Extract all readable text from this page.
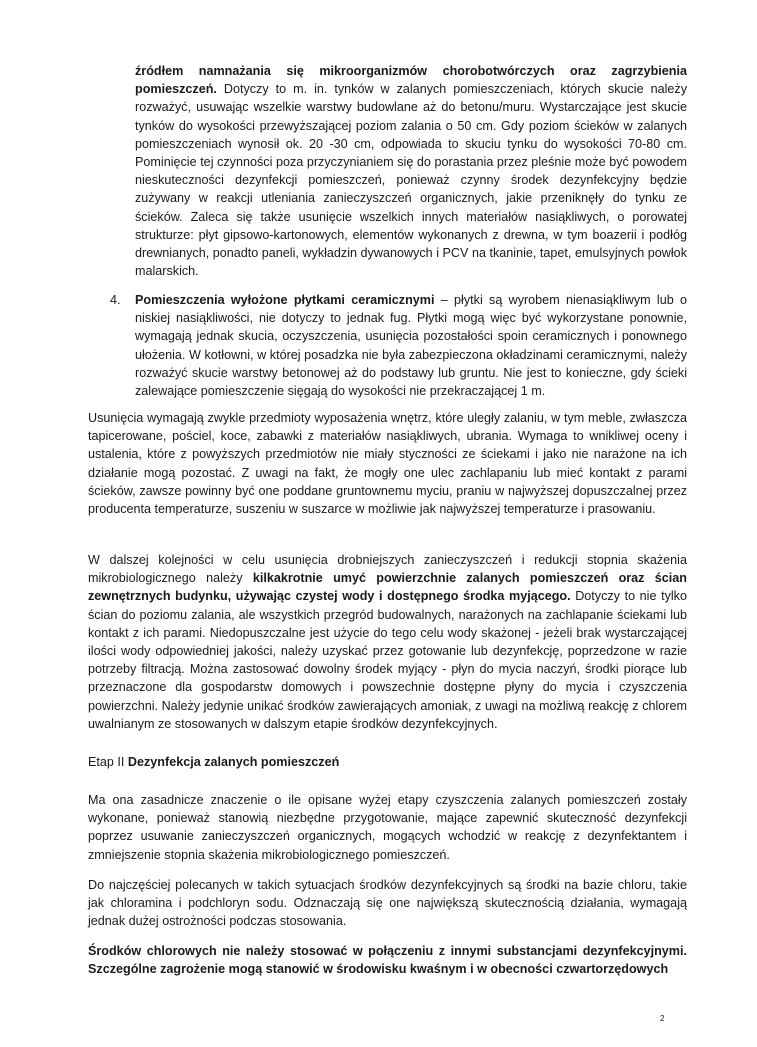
źródłem namnażania się mikroorganizmów chorobotwórczych oraz zagrzybienia pomieszczeń. Dotyczy to m. in. tynków w zalanych pomieszczeniach, których skucie należy rozważyć, usuwając wszelkie warstwy budowlane aż do betonu/muru. Wystarczające jest skucie tynków do wysokości przewyższającej poziom zalania o 50 cm. Gdy poziom ścieków w zalanych pomieszczeniach wynosił ok. 20 -30 cm, odpowiada to skuciu tynku do wysokości 70-80 cm. Pominięcie tej czynności poza przyczynianiem się do porastania przez pleśnie może być powodem nieskuteczności dezynfekcji pomieszczeń, ponieważ czynny środek dezynfekcyjny będzie zużywany w reakcji utleniania zanieczyszczeń organicznych, jakie przeniknęły do tynku ze ścieków. Zaleca się także usunięcie wszelkich innych materiałów nasiąkliwych, o porowatej strukturze: płyt gipsowo-kartonowych, elementów wykonanych z drewna, w tym boazerii i podłóg drewnianych, ponadto paneli, wykładzin dywanowych i PCV na tkaninie, tapet, emulsyjnych powłok malarskich.

4. Pomieszczenia wyłożone płytkami ceramicznymi – płytki są wyrobem nienasiąkliwym lub o niskiej nasiąkliwości, nie dotyczy to jednak fug. Płytki mogą więc być wykorzystane ponownie, wymagają jednak skucia, oczyszczenia, usunięcia pozostałości spoin ceramicznych i ponownego ułożenia. W kotłowni, w której posadzka nie była zabezpieczona okładzinami ceramicznymi, należy rozważyć skucie warstwy betonowej aż do podstawy lub gruntu. Nie jest to konieczne, gdy ścieki zalewające pomieszczenie sięgają do wysokości nie przekraczającej 1 m.

Usunięcia wymagają zwykle przedmioty wyposażenia wnętrz, które uległy zalaniu, w tym meble, zwłaszcza tapicerowane, pościel, koce, zabawki z materiałów nasiąkliwych, ubrania. Wymaga to wnikliwej oceny i ustalenia, które z powyższych przedmiotów nie miały styczności ze ściekami i jako nie narażone na ich działanie mogą pozostać. Z uwagi na fakt, że mogły one ulec zachlapaniu lub mieć kontakt z parami ścieków, zawsze powinny być one poddane gruntownemu myciu, praniu w najwyższej dopuszczalnej przez producenta temperaturze, suszeniu w suszarce w możliwie jak najwyższej temperaturze i prasowaniu.

W dalszej kolejności w celu usunięcia drobniejszych zanieczyszczeń i redukcji stopnia skażenia mikrobiologicznego należy kilkakrotnie umyć powierzchnie zalanych pomieszczeń oraz ścian zewnętrznych budynku, używając czystej wody i dostępnego środka myjącego. Dotyczy to nie tylko ścian do poziomu zalania, ale wszystkich przegród budowalnych, narażonych na zachlapanie ściekami lub kontakt z ich parami. Niedopuszczalne jest użycie do tego celu wody skażonej - jeżeli brak wystarczającej ilości wody odpowiedniej jakości, należy uzyskać przez gotowanie lub dezynfekcję, poprzedzone w razie potrzeby filtracją. Można zastosować dowolny środek myjący - płyn do mycia naczyń, środki piorące lub przeznaczone dla gospodarstw domowych i powszechnie dostępne płyny do mycia i czyszczenia powierzchni. Należy jedynie unikać środków zawierających amoniak, z uwagi na możliwą reakcję z chlorem uwalnianym ze stosowanych w dalszym etapie środków dezynfekcyjnych.

Etap II Dezynfekcja zalanych pomieszczeń

Ma ona zasadnicze znaczenie o ile opisane wyżej etapy czyszczenia zalanych pomieszczeń zostały wykonane, ponieważ stanowią niezbędne przygotowanie, mające zapewnić skuteczność dezynfekcji poprzez usuwanie zanieczyszczeń organicznych, mogących wchodzić w reakcję z dezynfektantem i zmniejszenie stopnia skażenia mikrobiologicznego pomieszczeń.

Do najczęściej polecanych w takich sytuacjach środków dezynfekcyjnych są środki na bazie chloru, takie jak chloramina i podchloryn sodu. Odznaczają się one największą skutecznością działania, wymagają jednak dużej ostrożności podczas stosowania.

Środków chlorowych nie należy stosować w połączeniu z innymi substancjami dezynfekcyjnymi. Szczególne zagrożenie mogą stanowić w środowisku kwaśnym i w obecności czwartorzędowych

2
